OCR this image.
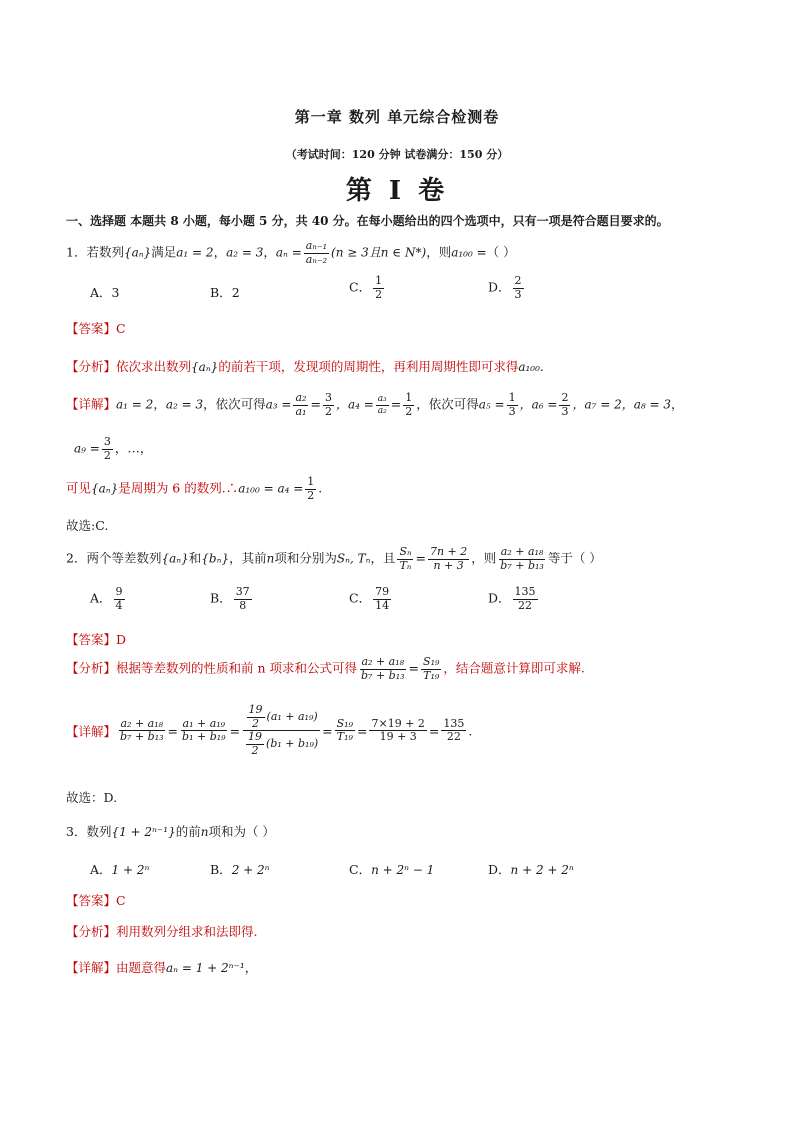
第一章 数列 单元综合检测卷
（考试时间：120 分钟 试卷满分：150 分）
第 I 卷
一、选择题 本题共 8 小题，每小题 5 分，共 40 分。在每小题给出的四个选项中，只有一项是符合题目要求的。
1．若数列{aₙ}满足a₁ = 2，a₂ = 3，$a_n = \frac{\text{aₙ₋₁}}{\text{aₙ₋₂}} (n \ge 3$且n ∈ N*)，则a₁₀₀ =（ ）
A．3	B．2	C． $\frac{1}{2}$	D． $\frac{2}{3}$
【答案】C
【分析】依次求出数列{aₙ}的前若干项，发现项的周期性，再利用周期性即可求得a₁₀₀.
【详解】a₁ = 2，a₂ = 3，依次可得$a_3 = \frac{\text{a₂}}{\text{a₁}} = \frac{3}{2}$ ，$a_4 = \frac{\text{a₃}}{\text{a₂}} = \frac{1}{2}$ ，依次可得$a_5 = \frac{1}{3}$ ，$a_6 = \frac{2}{3}$ ，a₇ = 2，a₈ = 3，
$a_9 = \frac{3}{2}$ ，…，
可见{aₙ}是周期为 6 的数列.∴a₁₀₀ = $a_4 = \frac{1}{2}$ .
故选:C.
2．两个等差数列{aₙ}和{bₙ}，其前n项和分别为Sₙ, Tₙ，且 $\frac{\text{Sₙ}}{\text{Tₙ}} = \frac{7n + 2}{n + 3}$ ，则 $\frac{\text{a₂ + a₁₈}}{\text{b₇ + b₁₃}}$ 等于（ ）
A． $\frac{9}{4}$	B． $\frac{37}{8}$	C． $\frac{79}{14}$	D． $\frac{135}{22}$
【答案】D
【分析】根据等差数列的性质和前 n 项求和公式可得 $\frac{\text{a₂ + a₁₈}}{\text{b₇ + b₁₃}} = \frac{\text{S₁₉}}{\text{T₁₉}}$ ，结合题意计算即可求解.
【详解】 $\frac{\text{a₂ + a₁₈}}{\text{b₇ + b₁₃}} = \frac{\text{a₁ + a₁₉}}{\text{b₁ + b₁₉}} = \frac{\frac{19}{2} (a_1 + a_{19})}{\frac{19}{2} (b_1 + b_{19})} = \frac{\text{S₁₉}}{\text{T₁₉}} = \frac{7\times 19 + 2}{19 + 3} = \frac{135}{22}$ .
故选：D.
3．数列{1 + 2ⁿ⁻¹}的前n项和为（ ）
A．1 + 2ⁿ	B．2 + 2ⁿ	C．n + 2ⁿ − 1	D．n + 2 + 2ⁿ
【答案】C
【分析】利用数列分组求和法即得.
【详解】由题意得aₙ = 1 + 2ⁿ⁻¹，
